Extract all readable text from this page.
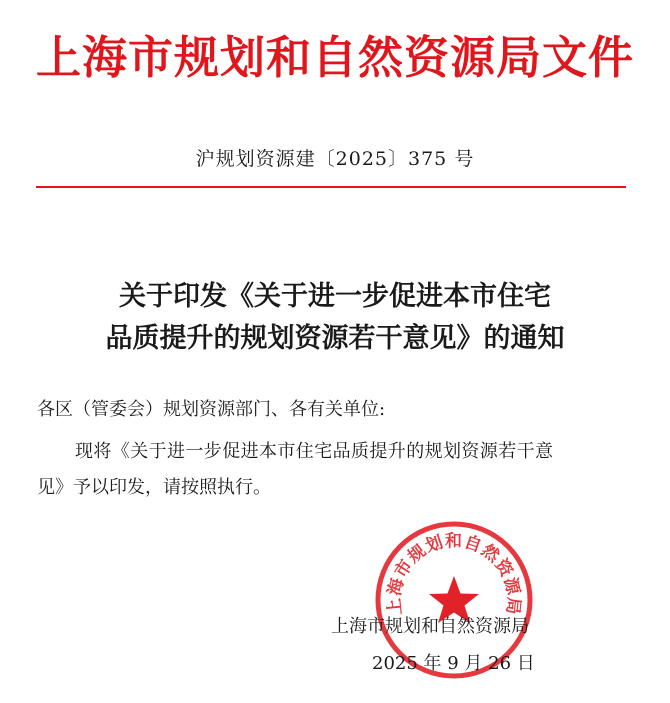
上海市规划和自然资源局文件
沪规划资源建〔2025〕375 号
关于印发《关于进一步促进本市住宅
品质提升的规划资源若干意见》的通知
各区（管委会）规划资源部门、各有关单位:
现将《关于进一步促进本市住宅品质提升的规划资源若干意
见》予以印发，请按照执行。
上海市规划和自然资源局
上海市规划和自然资源局
2025 年 9 月 26 日
